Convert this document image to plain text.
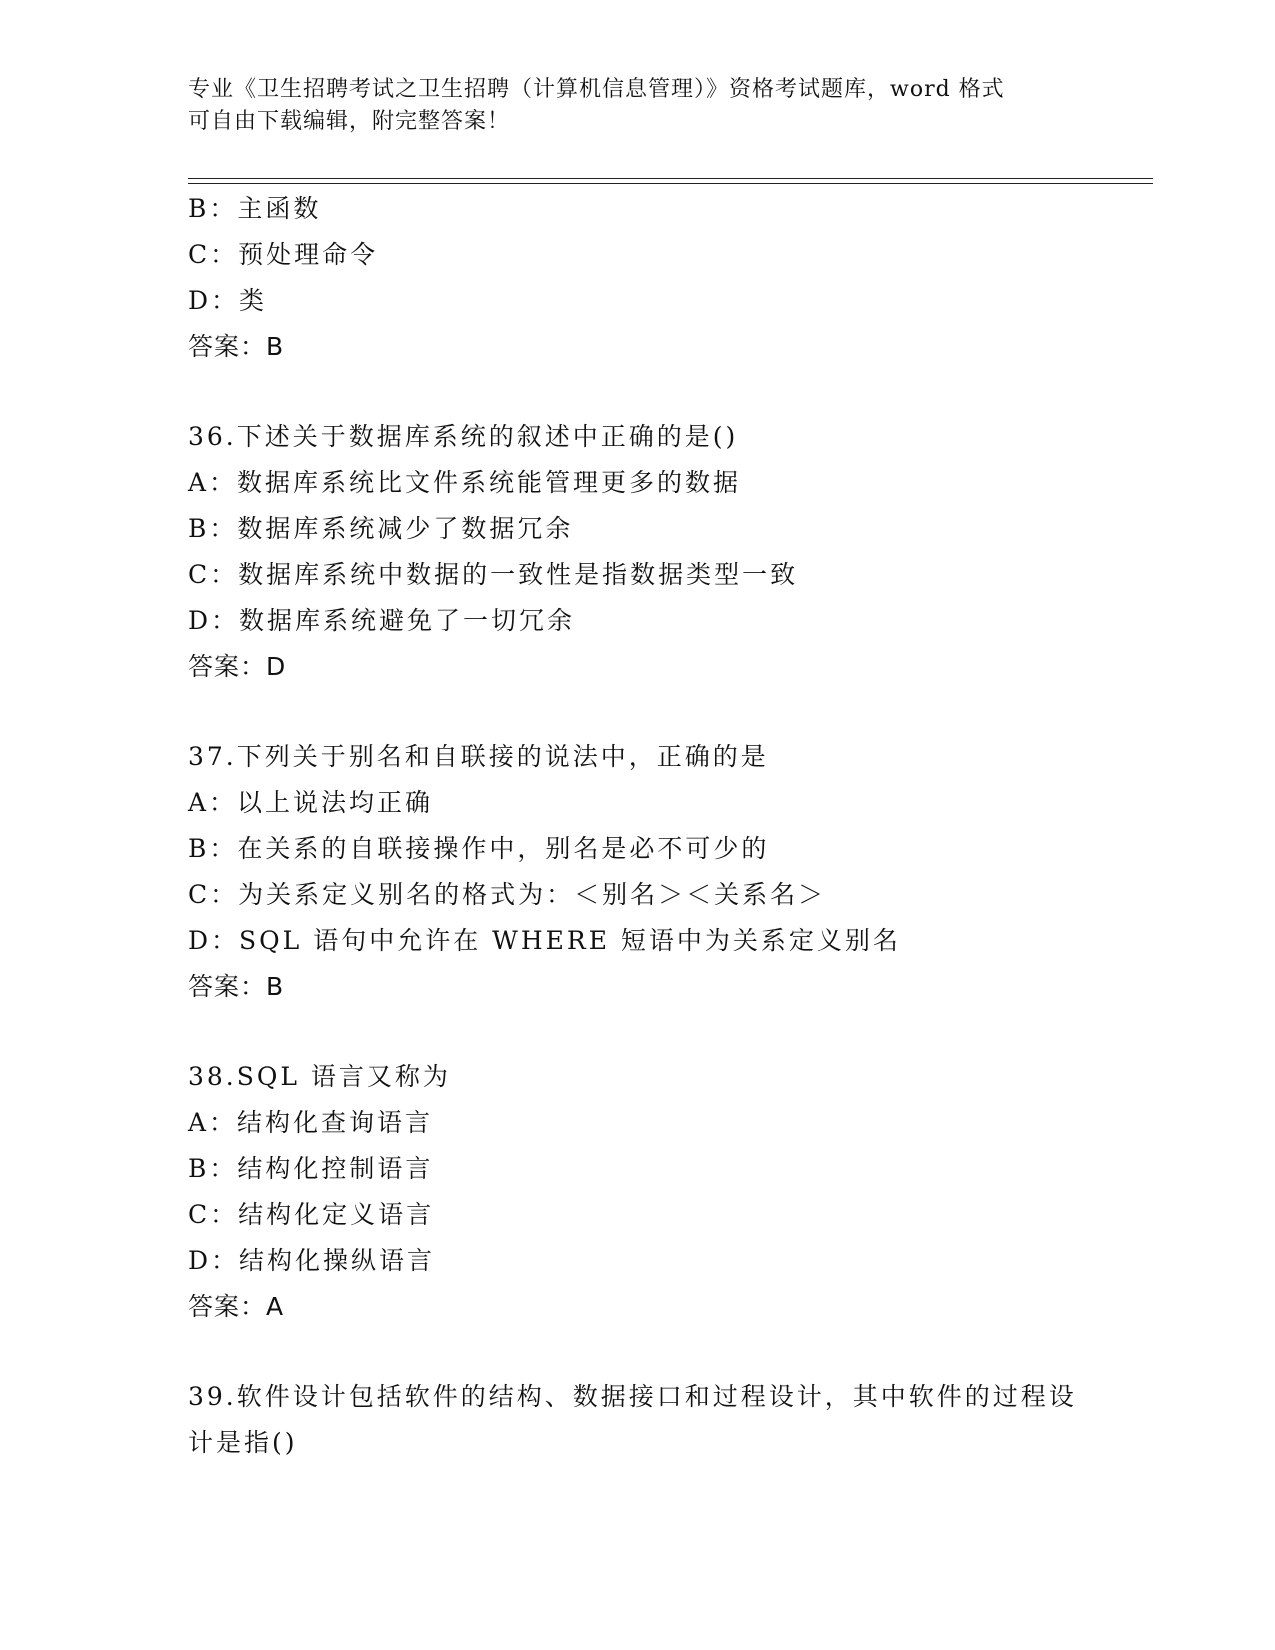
专业《卫生招聘考试之卫生招聘（计算机信息管理）》资格考试题库，word 格式
可自由下载编辑，附完整答案！
B：主函数
C：预处理命令
D：类
答案：B
36.下述关于数据库系统的叙述中正确的是()
A：数据库系统比文件系统能管理更多的数据
B：数据库系统减少了数据冗余
C：数据库系统中数据的一致性是指数据类型一致
D：数据库系统避免了一切冗余
答案：D
37.下列关于别名和自联接的说法中，正确的是
A：以上说法均正确
B：在关系的自联接操作中，别名是必不可少的
C：为关系定义别名的格式为：＜别名＞＜关系名＞
D：SQL 语句中允许在 WHERE 短语中为关系定义别名
答案：B
38.SQL 语言又称为
A：结构化查询语言
B：结构化控制语言
C：结构化定义语言
D：结构化操纵语言
答案：A
39.软件设计包括软件的结构、数据接口和过程设计，其中软件的过程设计是指()
